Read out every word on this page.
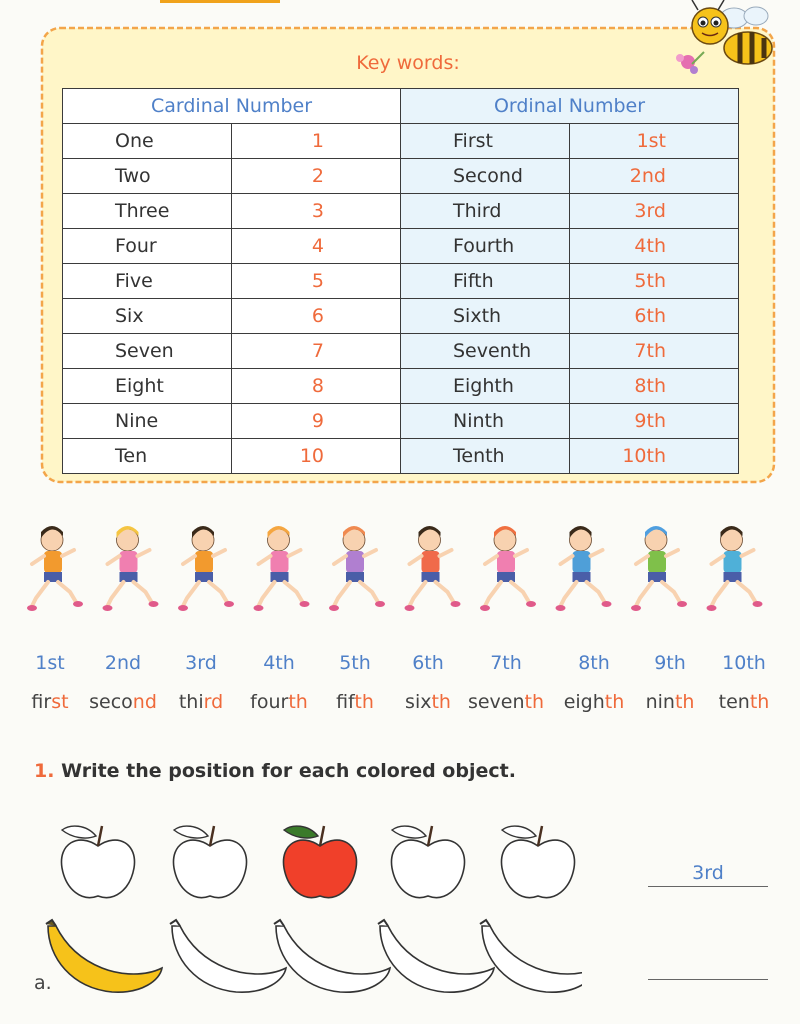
Key words:
Cardinal Number		Ordinal Number	
One	1	First	1st
Two	2	Second	2nd
Three	3	Third	3rd
Four	4	Fourth	4th
Five	5	Fifth	5th
Six	6	Sixth	6th
Seven	7	Seventh	7th
Eight	8	Eighth	8th
Nine	9	Ninth	9th
Ten	10	Tenth	10th
1st 2nd 3rd 4th 5th 6th 7th	8th 9th 10th
first second third fourth fifth sixth seventh eighth ninth tenth
1. Write the position for each colored object.
3rd
a.
